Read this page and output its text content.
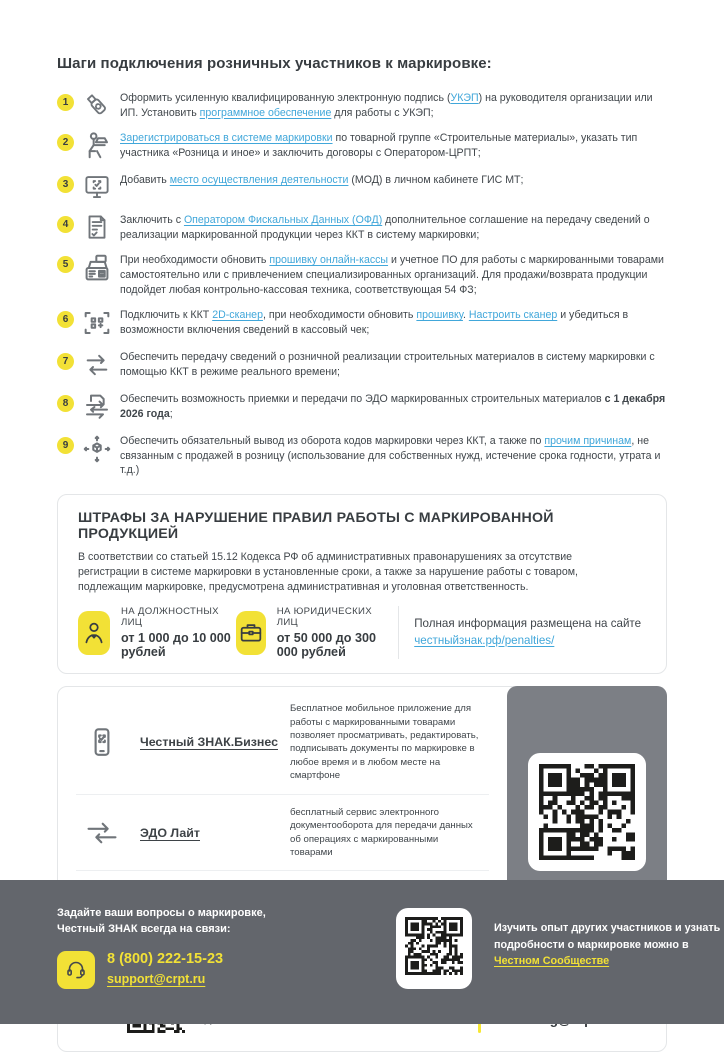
Шаги подключения розничных участников к маркировке:
1	Оформить усиленную квалифицированную электронную подпись (УКЭП) на руководителя организации или ИП. Установить программное обеспечение для работы с УКЭП;
2	Зарегистрироваться в системе маркировки по товарной группе «Строительные материалы», указать тип участника «Розница и иное» и заключить договоры с Оператором-ЦРПТ;
3	Добавить место осуществления деятельности (МОД) в личном кабинете ГИС МТ;
4	Заключить с Оператором Фискальных Данных (ОФД) дополнительное соглашение на передачу сведений о реализации маркированной продукции через ККТ в систему маркировки;
5	При необходимости обновить прошивку онлайн-кассы и учетное ПО для работы с маркированными товарами самостоятельно или с привлечением специализированных организаций. Для продажи/возврата продукции подойдет любая контрольно-кассовая техника, соответствующая 54 ФЗ;
6	Подключить к ККТ 2D-сканер, при необходимости обновить прошивку. Настроить сканер и убедиться в возможности включения сведений в кассовый чек;
7	Обеспечить передачу сведений о розничной реализации строительных материалов в систему маркировки с помощью ККТ в режиме реального времени;
8	Обеспечить возможность приемки и передачи по ЭДО маркированных строительных материалов с 1 декабря 2026 года;
9	Обеспечить обязательный вывод из оборота кодов маркировки через ККТ, а также по прочим причинам, не связанным с продажей в розницу (использование для собственных нужд, истечение срока годности, утрата и т.д.)
ШТРАФЫ ЗА НАРУШЕНИЕ ПРАВИЛ РАБОТЫ С МАРКИРОВАННОЙ ПРОДУКЦИЕЙ
В соответствии со статьей 15.12 Кодекса РФ об административных правонарушениях за отсутствие регистрации в системе маркировки в установленные сроки, а также за нарушение работы с товаром, подлежащим маркировке, предусмотрена административная и уголовная ответственность.
НА ДОЛЖНОСТНЫХ ЛИЦ
от 1 000 до 10 000 рублей
НА ЮРИДИЧЕСКИХ ЛИЦ
от 50 000 до 300 000 рублей
Полная информация размещена на сайте честныйзнак.рф/penalties/
Честный ЗНАК.Бизнес
Бесплатное мобильное приложение для работы с маркированными товарами позволяет просматривать, редактировать, подписывать документы по маркировке в любое время и в любом месте на смартфоне
ЭДО Лайт
бесплатный сервис электронного документооборота для передачи данных об операциях с маркированными товарами
Задайте ваши вопросы о маркировке,
Честный ЗНАК всегда на связи:
8 (800) 222-15-23
support@crpt.ru
Изучить опыт других участников и узнать подробности о маркировке можно в Честном Сообществе
